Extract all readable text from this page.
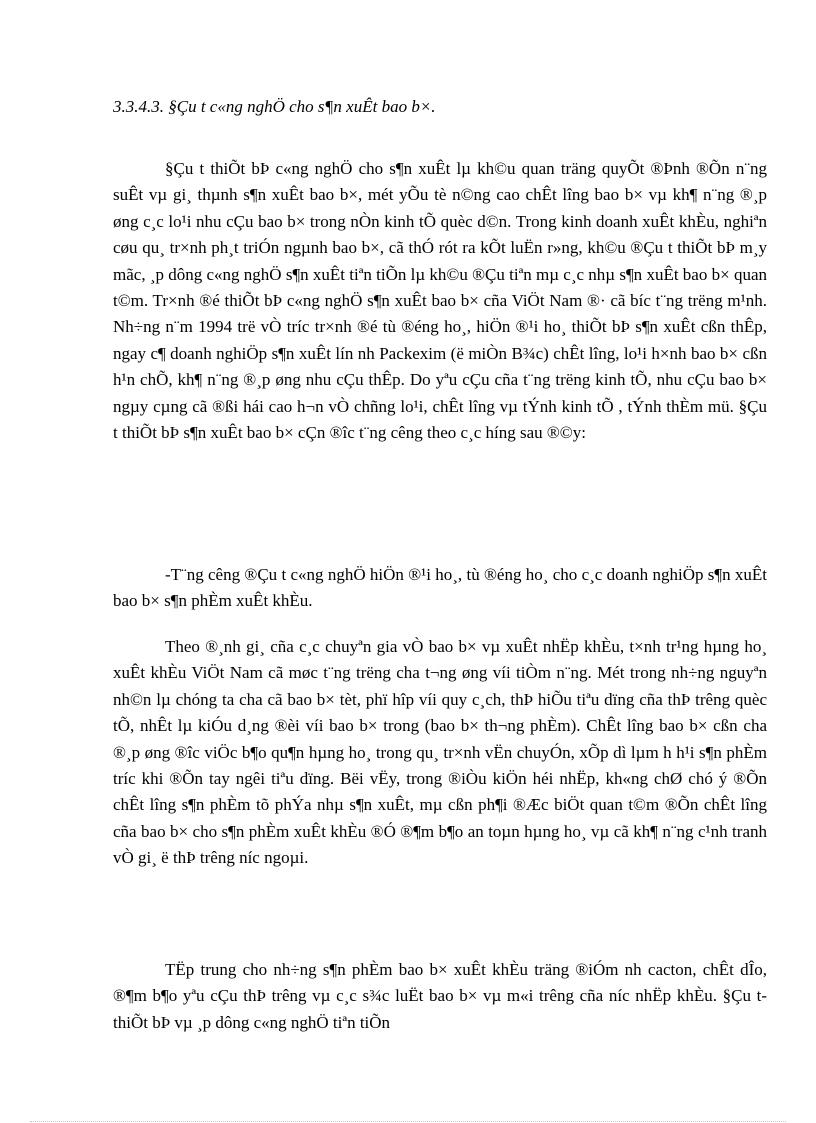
3.3.4.3. §Çu t c«ng nghÖ cho s¶n xuÊt bao b×.

§Çu t thiÕt bÞ c«ng nghÖ cho s¶n xuÊt lµ kh©u quan träng quyÕt ®Þnh ®Õn n¨ng suÊt vµ gi¸ thµnh s¶n xuÊt bao b×, mét yÕu tè n©ng cao chÊt lîng bao b× vµ kh¶ n¨ng ®¸p øng c¸c lo¹i nhu cÇu bao b× trong nÒn kinh tÕ quèc d©n. Trong kinh doanh xuÊt khÈu, nghiªn cøu qu¸ tr×nh ph¸t triÓn ngµnh bao b×, cã thÓ rót ra kÕt luËn r»ng, kh©u ®Çu t thiÕt bÞ m¸y mãc, ¸p dông c«ng nghÖ s¶n xuÊt tiªn tiÕn lµ kh©u ®Çu tiªn mµ c¸c nhµ s¶n xuÊt bao b× quan t©m. Tr×nh ®é thiÕt bÞ c«ng nghÖ s¶n xuÊt bao b× cña ViÖt Nam ®· cã bíc t¨ng trëng m¹nh. Nh÷ng n¨m 1994 trë vÒ tríc tr×nh ®é tù ®éng ho¸, hiÖn ®¹i ho¸ thiÕt bÞ s¶n xuÊt cßn thÊp, ngay c¶ doanh nghiÖp s¶n xuÊt lín nh Packexim (ë miÒn B¾c) chÊt lîng, lo¹i h×nh bao b× cßn h¹n chÕ, kh¶ n¨ng ®¸p øng nhu cÇu thÊp. Do yªu cÇu cña t¨ng trëng kinh tÕ, nhu cÇu bao b× ngµy cµng cã ®ßi hái cao h¬n vÒ chñng lo¹i, chÊt lîng vµ tÝnh kinh tÕ , tÝnh thÈm mü. §Çu t thiÕt bÞ s¶n xuÊt bao b× cÇn ®îc t¨ng cêng theo c¸c híng sau ®©y:

-T¨ng cêng ®Çu t c«ng nghÖ hiÖn ®¹i ho¸, tù ®éng ho¸ cho c¸c doanh nghiÖp s¶n xuÊt bao b× s¶n phÈm xuÊt khÈu.

Theo ®¸nh gi¸ cña c¸c chuyªn gia vÒ bao b× vµ xuÊt nhËp khÈu, t×nh tr¹ng hµng ho¸ xuÊt khÈu ViÖt Nam cã møc t¨ng trëng cha t¬ng øng víi tiÒm n¨ng. Mét trong nh÷ng nguyªn nh©n lµ chóng ta cha cã bao b× tèt, phï hîp víi quy c¸ch, thÞ hiÕu tiªu dïng cña thÞ trêng quèc tÕ, nhÊt lµ kiÓu d¸ng ®èi víi bao b× trong (bao b× th¬ng phÈm). ChÊt lîng bao b× cßn cha ®¸p øng ®îc viÖc b¶o qu¶n hµng ho¸ trong qu¸ tr×nh vËn chuyÓn, xÕp dì lµm h h¹i s¶n phÈm tríc khi ®Õn tay ngêi tiªu dïng. Bëi vËy, trong ®iÒu kiÖn héi nhËp, kh«ng chØ chó ý ®Õn chÊt lîng s¶n phÈm tõ phÝa nhµ s¶n xuÊt, mµ cßn ph¶i ®Æc biÖt quan t©m ®Õn chÊt lîng cña bao b× cho s¶n phÈm xuÊt khÈu ®Ó ®¶m b¶o an toµn hµng ho¸ vµ cã kh¶ n¨ng c¹nh tranh vÒ gi¸ ë thÞ trêng níc ngoµi.

TËp trung cho nh÷ng s¶n phÈm bao b× xuÊt khÈu träng ®iÓm nh cacton, chÊt dÎo, ®¶m b¶o yªu cÇu thÞ trêng vµ c¸c s¾c luËt bao b× vµ m«i trêng cña níc nhËp khÈu. §Çu t thiÕt bÞ vµ ¸p dông c«ng nghÖ tiªn tiÕn
